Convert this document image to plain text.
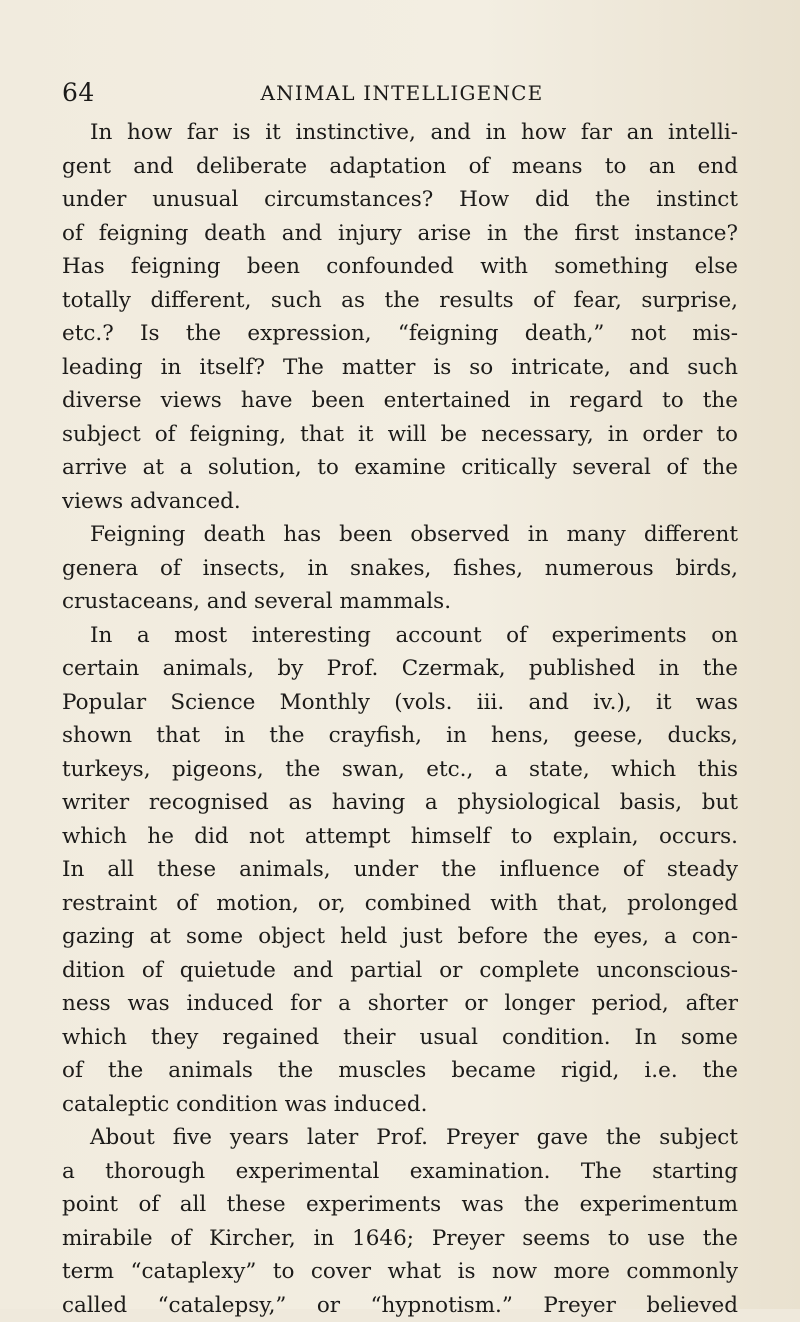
64	ANIMAL INTELLIGENCE
In how far is it instinctive, and in how far an intelli-
gent and deliberate adaptation of means to an end
under unusual circumstances? How did the instinct
of feigning death and injury arise in the first instance?
Has feigning been confounded with something else
totally different, such as the results of fear, surprise,
etc.? Is the expression, “feigning death,” not mis-
leading in itself? The matter is so intricate, and such
diverse views have been entertained in regard to the
subject of feigning, that it will be necessary, in order to
arrive at a solution, to examine critically several of the
views advanced.
Feigning death has been observed in many different
genera of insects, in snakes, fishes, numerous birds,
crustaceans, and several mammals.
In a most interesting account of experiments on
certain animals, by Prof. Czermak, published in the
Popular Science Monthly (vols. iii. and iv.), it was
shown that in the crayfish, in hens, geese, ducks,
turkeys, pigeons, the swan, etc., a state, which this
writer recognised as having a physiological basis, but
which he did not attempt himself to explain, occurs.
In all these animals, under the influence of steady
restraint of motion, or, combined with that, prolonged
gazing at some object held just before the eyes, a con-
dition of quietude and partial or complete unconscious-
ness was induced for a shorter or longer period, after
which they regained their usual condition. In some
of the animals the muscles became rigid, i.e. the
cataleptic condition was induced.
About five years later Prof. Preyer gave the subject
a thorough experimental examination. The starting
point of all these experiments was the experimentum
mirabile of Kircher, in 1646; Preyer seems to use the
term “cataplexy” to cover what is now more commonly
called “catalepsy,” or “hypnotism.” Preyer believed
